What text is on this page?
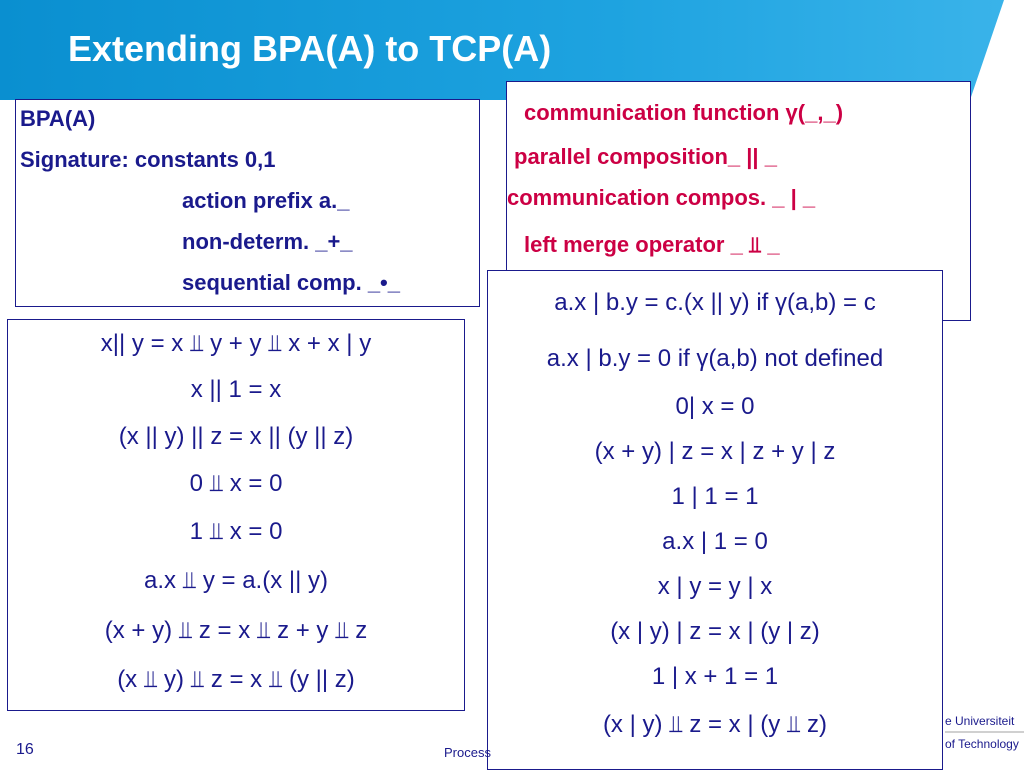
Extending BPA(A) to TCP(A)
BPA(A)
Signature: constants 0,1
action prefix a._
non-determ. _+_
sequential comp. _•_
communication function γ(_,_)
parallel composition_ || _
communication compos. _ | _
left merge operator _ ⫫ _
x|| y = x ⫫ y + y ⫫ x + x | y
x || 1 = x
(x || y) || z = x || (y || z)
0 ⫫ x = 0
1 ⫫ x = 0
a.x ⫫ y = a.(x || y)
(x + y) ⫫ z = x ⫫ z + y ⫫ z
(x ⫫ y) ⫫ z = x ⫫ (y || z)
a.x | b.y = c.(x || y) if γ(a,b) = c
a.x | b.y = 0 if γ(a,b) not defined
0| x = 0
(x + y) | z = x | z + y | z
1 | 1 = 1
a.x | 1 = 0
x | y = y | x
(x | y) | z = x | (y | z)
1 | x + 1 = 1
(x | y) ⫫ z = x | (y ⫫ z)
16	Process
e Universiteit
of Technology
